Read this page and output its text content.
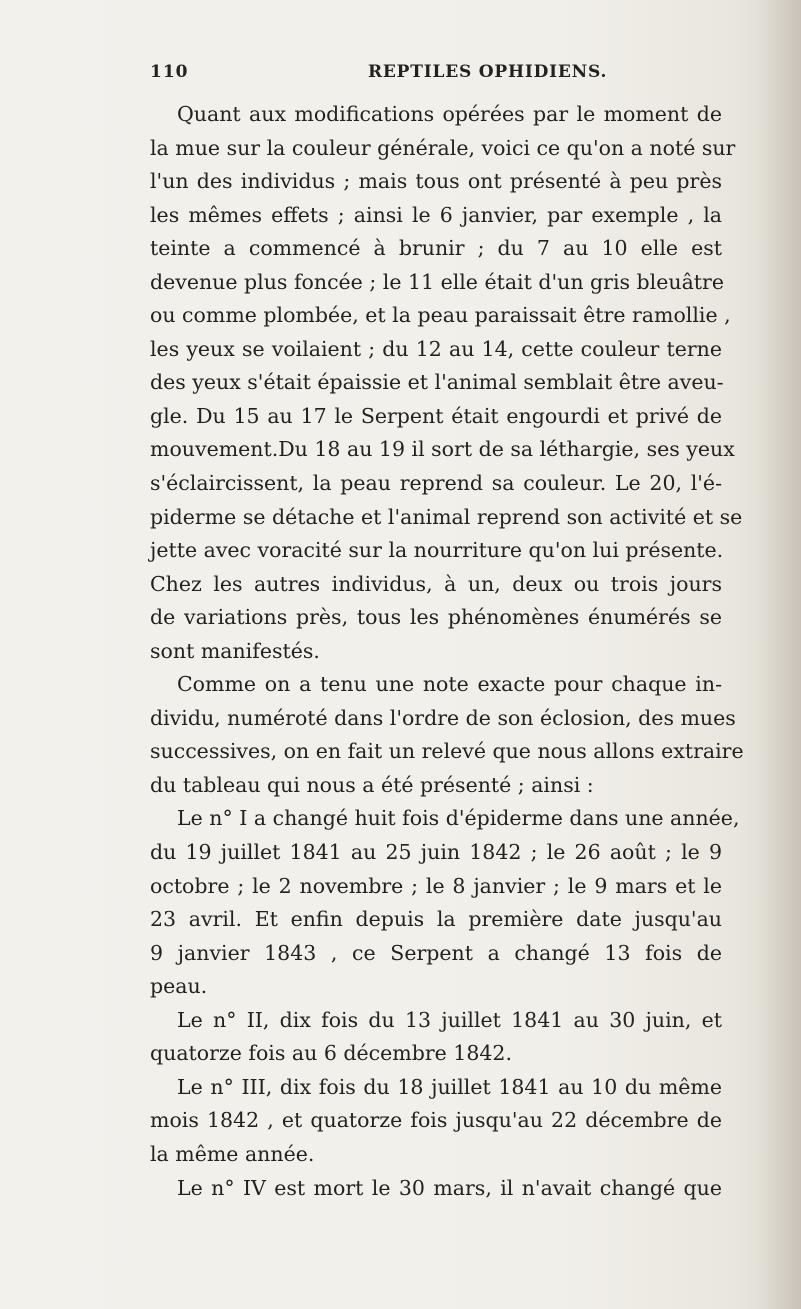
110	REPTILES OPHIDIENS.
Quant aux modifications opérées par le moment de
la mue sur la couleur générale, voici ce qu'on a noté sur
l'un des individus ; mais tous ont présenté à peu près
les mêmes effets ; ainsi le 6 janvier, par exemple , la
teinte a commencé à brunir ; du 7 au 10 elle est
devenue plus foncée ; le 11 elle était d'un gris bleuâtre
ou comme plombée, et la peau paraissait être ramollie ,
les yeux se voilaient ; du 12 au 14, cette couleur terne
des yeux s'était épaissie et l'animal semblait être aveu-
gle. Du 15 au 17 le Serpent était engourdi et privé de
mouvement.Du 18 au 19 il sort de sa léthargie, ses yeux
s'éclaircissent, la peau reprend sa couleur. Le 20, l'é-
piderme se détache et l'animal reprend son activité et se
jette avec voracité sur la nourriture qu'on lui présente.
Chez les autres individus, à un, deux ou trois jours
de variations près, tous les phénomènes énumérés se
sont manifestés.
Comme on a tenu une note exacte pour chaque in-
dividu, numéroté dans l'ordre de son éclosion, des mues
successives, on en fait un relevé que nous allons extraire
du tableau qui nous a été présenté ; ainsi :
Le n° I a changé huit fois d'épiderme dans une année,
du 19 juillet 1841 au 25 juin 1842 ; le 26 août ; le 9
octobre ; le 2 novembre ; le 8 janvier ; le 9 mars et le
23 avril. Et enfin depuis la première date jusqu'au
9 janvier 1843 , ce Serpent a changé 13 fois de
peau.
Le n° II, dix fois du 13 juillet 1841 au 30 juin, et
quatorze fois au 6 décembre 1842.
Le n° III, dix fois du 18 juillet 1841 au 10 du même
mois 1842 , et quatorze fois jusqu'au 22 décembre de
la même année.
Le n° IV est mort le 30 mars, il n'avait changé que
